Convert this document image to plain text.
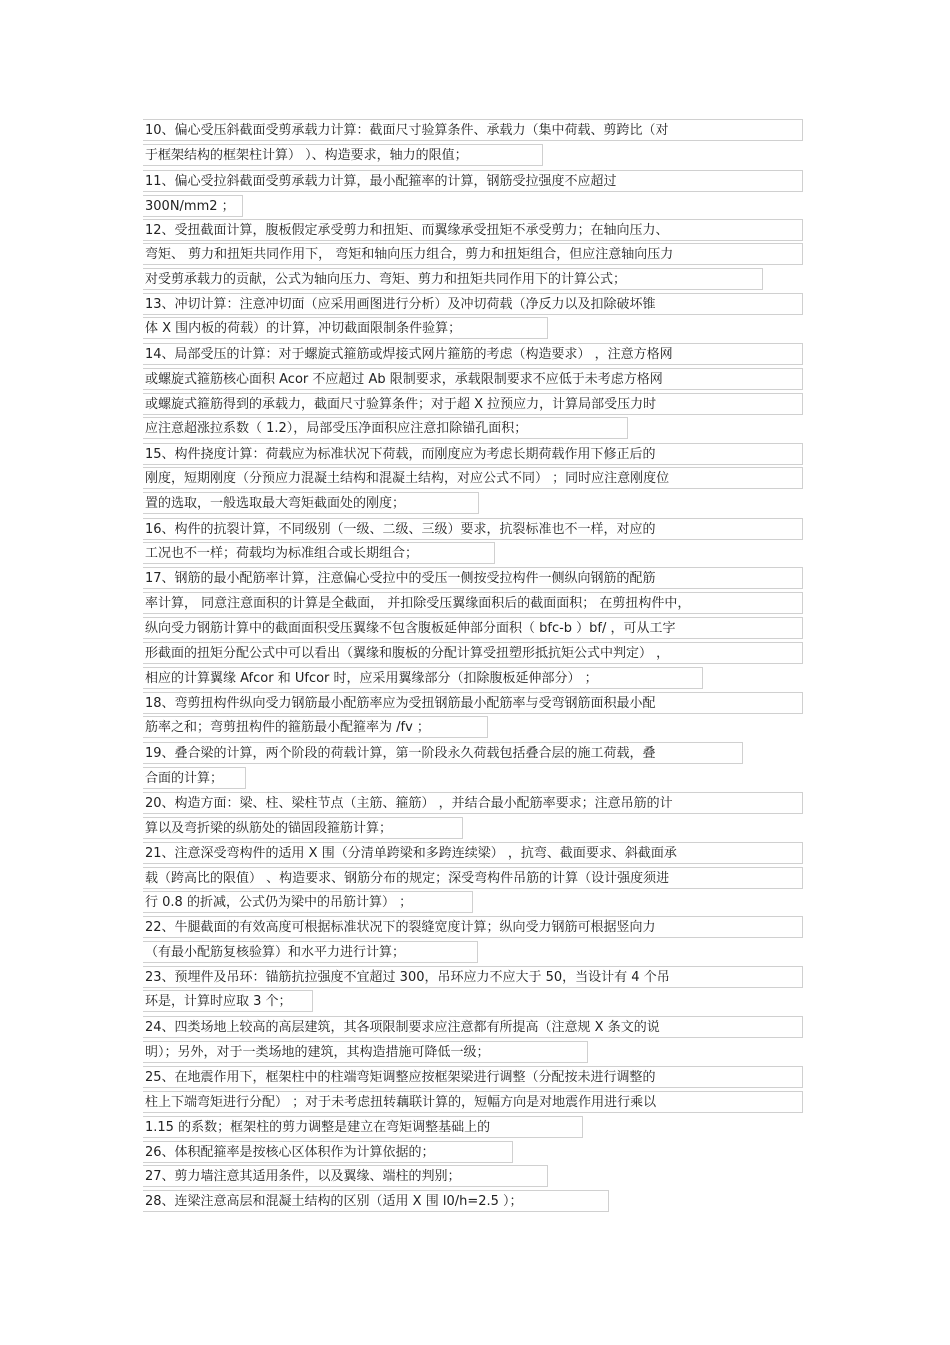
10、偏心受压斜截面受剪承载力计算：截面尺寸验算条件、承载力（集中荷载、剪跨比（对
于框架结构的框架柱计算） ）、构造要求，轴力的限值；
11、偏心受拉斜截面受剪承载力计算，最小配箍率的计算，钢筋受拉强度不应超过
300N/mm2 ；
12、受扭截面计算，腹板假定承受剪力和扭矩、而翼缘承受扭矩不承受剪力；在轴向压力、
弯矩、 剪力和扭矩共同作用下， 弯矩和轴向压力组合，剪力和扭矩组合，但应注意轴向压力
对受剪承载力的贡献，公式为轴向压力、弯矩、剪力和扭矩共同作用下的计算公式；
13、冲切计算：注意冲切面（应采用画图进行分析）及冲切荷载（净反力以及扣除破坏锥
体 X 围内板的荷载）的计算，冲切截面限制条件验算；
14、局部受压的计算：对于螺旋式箍筋或焊接式网片箍筋的考虑（构造要求） ，注意方格网
或螺旋式箍筋核心面积 Acor 不应超过 Ab 限制要求，承载限制要求不应低于未考虑方格网
或螺旋式箍筋得到的承载力，截面尺寸验算条件；对于超 X 拉预应力，计算局部受压力时
应注意超涨拉系数（ 1.2），局部受压净面积应注意扣除锚孔面积；
15、构件挠度计算：荷载应为标准状况下荷载，而刚度应为考虑长期荷载作用下修正后的
刚度，短期刚度（分预应力混凝土结构和混凝土结构，对应公式不同） ；同时应注意刚度位
置的选取，一般选取最大弯矩截面处的刚度；
16、构件的抗裂计算，不同级别（一级、二级、三级）要求，抗裂标准也不一样，对应的
工况也不一样；荷载均为标准组合或长期组合；
17、钢筋的最小配筋率计算，注意偏心受拉中的受压一侧按受拉构件一侧纵向钢筋的配筋
率计算， 同意注意面积的计算是全截面， 并扣除受压翼缘面积后的截面面积； 在剪扭构件中，
纵向受力钢筋计算中的截面面积受压翼缘不包含腹板延伸部分面积（ bfc-b ）bf/ ，可从工字
形截面的扭矩分配公式中可以看出（翼缘和腹板的分配计算受扭塑形抵抗矩公式中判定） ，
相应的计算翼缘 Afcor 和 Ufcor 时，应采用翼缘部分（扣除腹板延伸部分） ；
18、弯剪扭构件纵向受力钢筋最小配筋率应为受扭钢筋最小配筋率与受弯钢筋面积最小配
筋率之和；弯剪扭构件的箍筋最小配箍率为 /fv ；
19、叠合梁的计算，两个阶段的荷载计算，第一阶段永久荷载包括叠合层的施工荷载，叠
合面的计算；
20、构造方面：梁、柱、梁柱节点（主筋、箍筋） ，并结合最小配筋率要求；注意吊筋的计
算以及弯折梁的纵筋处的锚固段箍筋计算；
21、注意深受弯构件的适用 X 围（分清单跨梁和多跨连续梁） ，抗弯、截面要求、斜截面承
载（跨高比的限值） 、构造要求、钢筋分布的规定；深受弯构件吊筋的计算（设计强度须进
行 0.8 的折减，公式仍为梁中的吊筋计算） ；
22、牛腿截面的有效高度可根据标准状况下的裂缝宽度计算；纵向受力钢筋可根据竖向力
（有最小配筋复核验算）和水平力进行计算；
23、预埋件及吊环：锚筋抗拉强度不宜超过 300，吊环应力不应大于 50，当设计有 4 个吊
环是，计算时应取 3 个；
24、四类场地上较高的高层建筑，其各项限制要求应注意都有所提高（注意规 X 条文的说
明）；另外，对于一类场地的建筑，其构造措施可降低一级；
25、在地震作用下，框架柱中的柱端弯矩调整应按框架梁进行调整（分配按未进行调整的
柱上下端弯矩进行分配） ；对于未考虑扭转藕联计算的，短幅方向是对地震作用进行乘以
1.15 的系数；框架柱的剪力调整是建立在弯矩调整基础上的
26、体积配箍率是按核心区体积作为计算依据的；
27、剪力墙注意其适用条件，以及翼缘、端柱的判别；
28、连梁注意高层和混凝土结构的区别（适用 X 围 l0/h=2.5 ）；
